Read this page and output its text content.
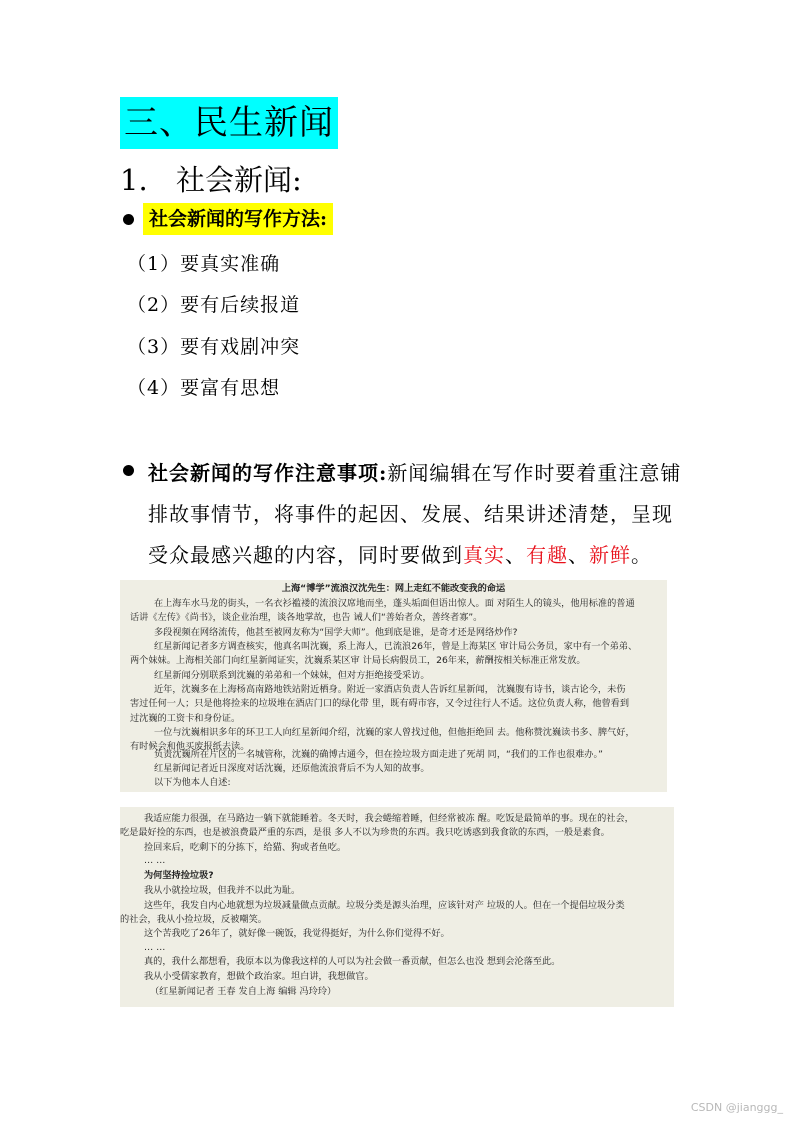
三、民生新闻
1. 社会新闻:
社会新闻的写作方法:
（1）要真实准确
（2）要有后续报道
（3）要有戏剧冲突
（4）要富有思想
社会新闻的写作注意事项:新闻编辑在写作时要着重注意铺排故事情节，将事件的起因、发展、结果讲述清楚，呈现受众最感兴趣的内容，同时要做到真实、有趣、新鲜。
上海“博学”流浪汉沈先生：网上走红不能改变我的命运
在上海车水马龙的街头，一名衣衫褴褛的流浪汉席地而坐，蓬头垢面但语出惊人。面 对陌生人的镜头，他用标准的普通
话讲《左传》《尚书》，谈企业治理，谈各地掌故，也告 诫人们“善始者众，善终者寡”。
多段视频在网络流传，他甚至被网友称为“国学大师”。他到底是谁，是奇才还是网络炒作?
红星新闻记者多方调查核实，他真名叫沈巍，系上海人，已流浪26年，曾是上海某区 审计局公务员，家中有一个弟弟、
两个妹妹。上海相关部门向红星新闻证实，沈巍系某区审 计局长病假员工，26年来，薪酬按相关标准正常发放。
红星新闻分别联系到沈巍的弟弟和一个妹妹，但对方拒绝接受采访。
近年，沈巍多在上海杨高南路地铁站附近栖身。附近一家酒店负责人告诉红星新闻， 沈巍腹有诗书，谈古论今，未伤
害过任何一人；只是他将捡来的垃圾堆在酒店门口的绿化带 里，既有碍市容，又令过往行人不适。这位负责人称，他曾看到
过沈巍的工资卡和身份证。
一位与沈巍相识多年的环卫工人向红星新闻介绍，沈巍的家人曾找过他，但他拒绝回 去。他称赞沈巍读书多、脾气好，
有时候会和他买废报纸去读。
负责沈巍所在片区的一名城管称，沈巍的确博古通今，但在捡垃圾方面走进了死胡 同，“我们的工作也很难办。”
红星新闻记者近日深度对话沈巍，还原他流浪背后不为人知的故事。
以下为他本人自述:
我适应能力很强，在马路边一躺下就能睡着。冬天时，我会蜷缩着睡，但经常被冻 醒。吃饭是最简单的事。现在的社会，
吃是最好捡的东西，也是被浪费最严重的东西，是很 多人不以为珍贵的东西。我只吃诱惑到我食欲的东西，一般是素食。
捡回来后，吃剩下的分拣下，给猫、狗或者鱼吃。
… …
为何坚持捡垃圾?
我从小就捡垃圾，但我并不以此为耻。
这些年，我发自内心地就想为垃圾减量做点贡献。垃圾分类是源头治理，应该针对产 垃圾的人。但在一个提倡垃圾分类
的社会，我从小捡垃圾，反被嘲笑。
这个苦我吃了26年了，就好像一碗饭，我觉得挺好，为什么你们觉得不好。
… …
真的，我什么都想看，我原本以为像我这样的人可以为社会做一番贡献，但怎么也没 想到会沦落至此。
我从小受儒家教育，想做个政治家。坦白讲，我想做官。
（红星新闻记者 王春 发自上海 编辑 冯玲玲）
CSDN @jianggg_
